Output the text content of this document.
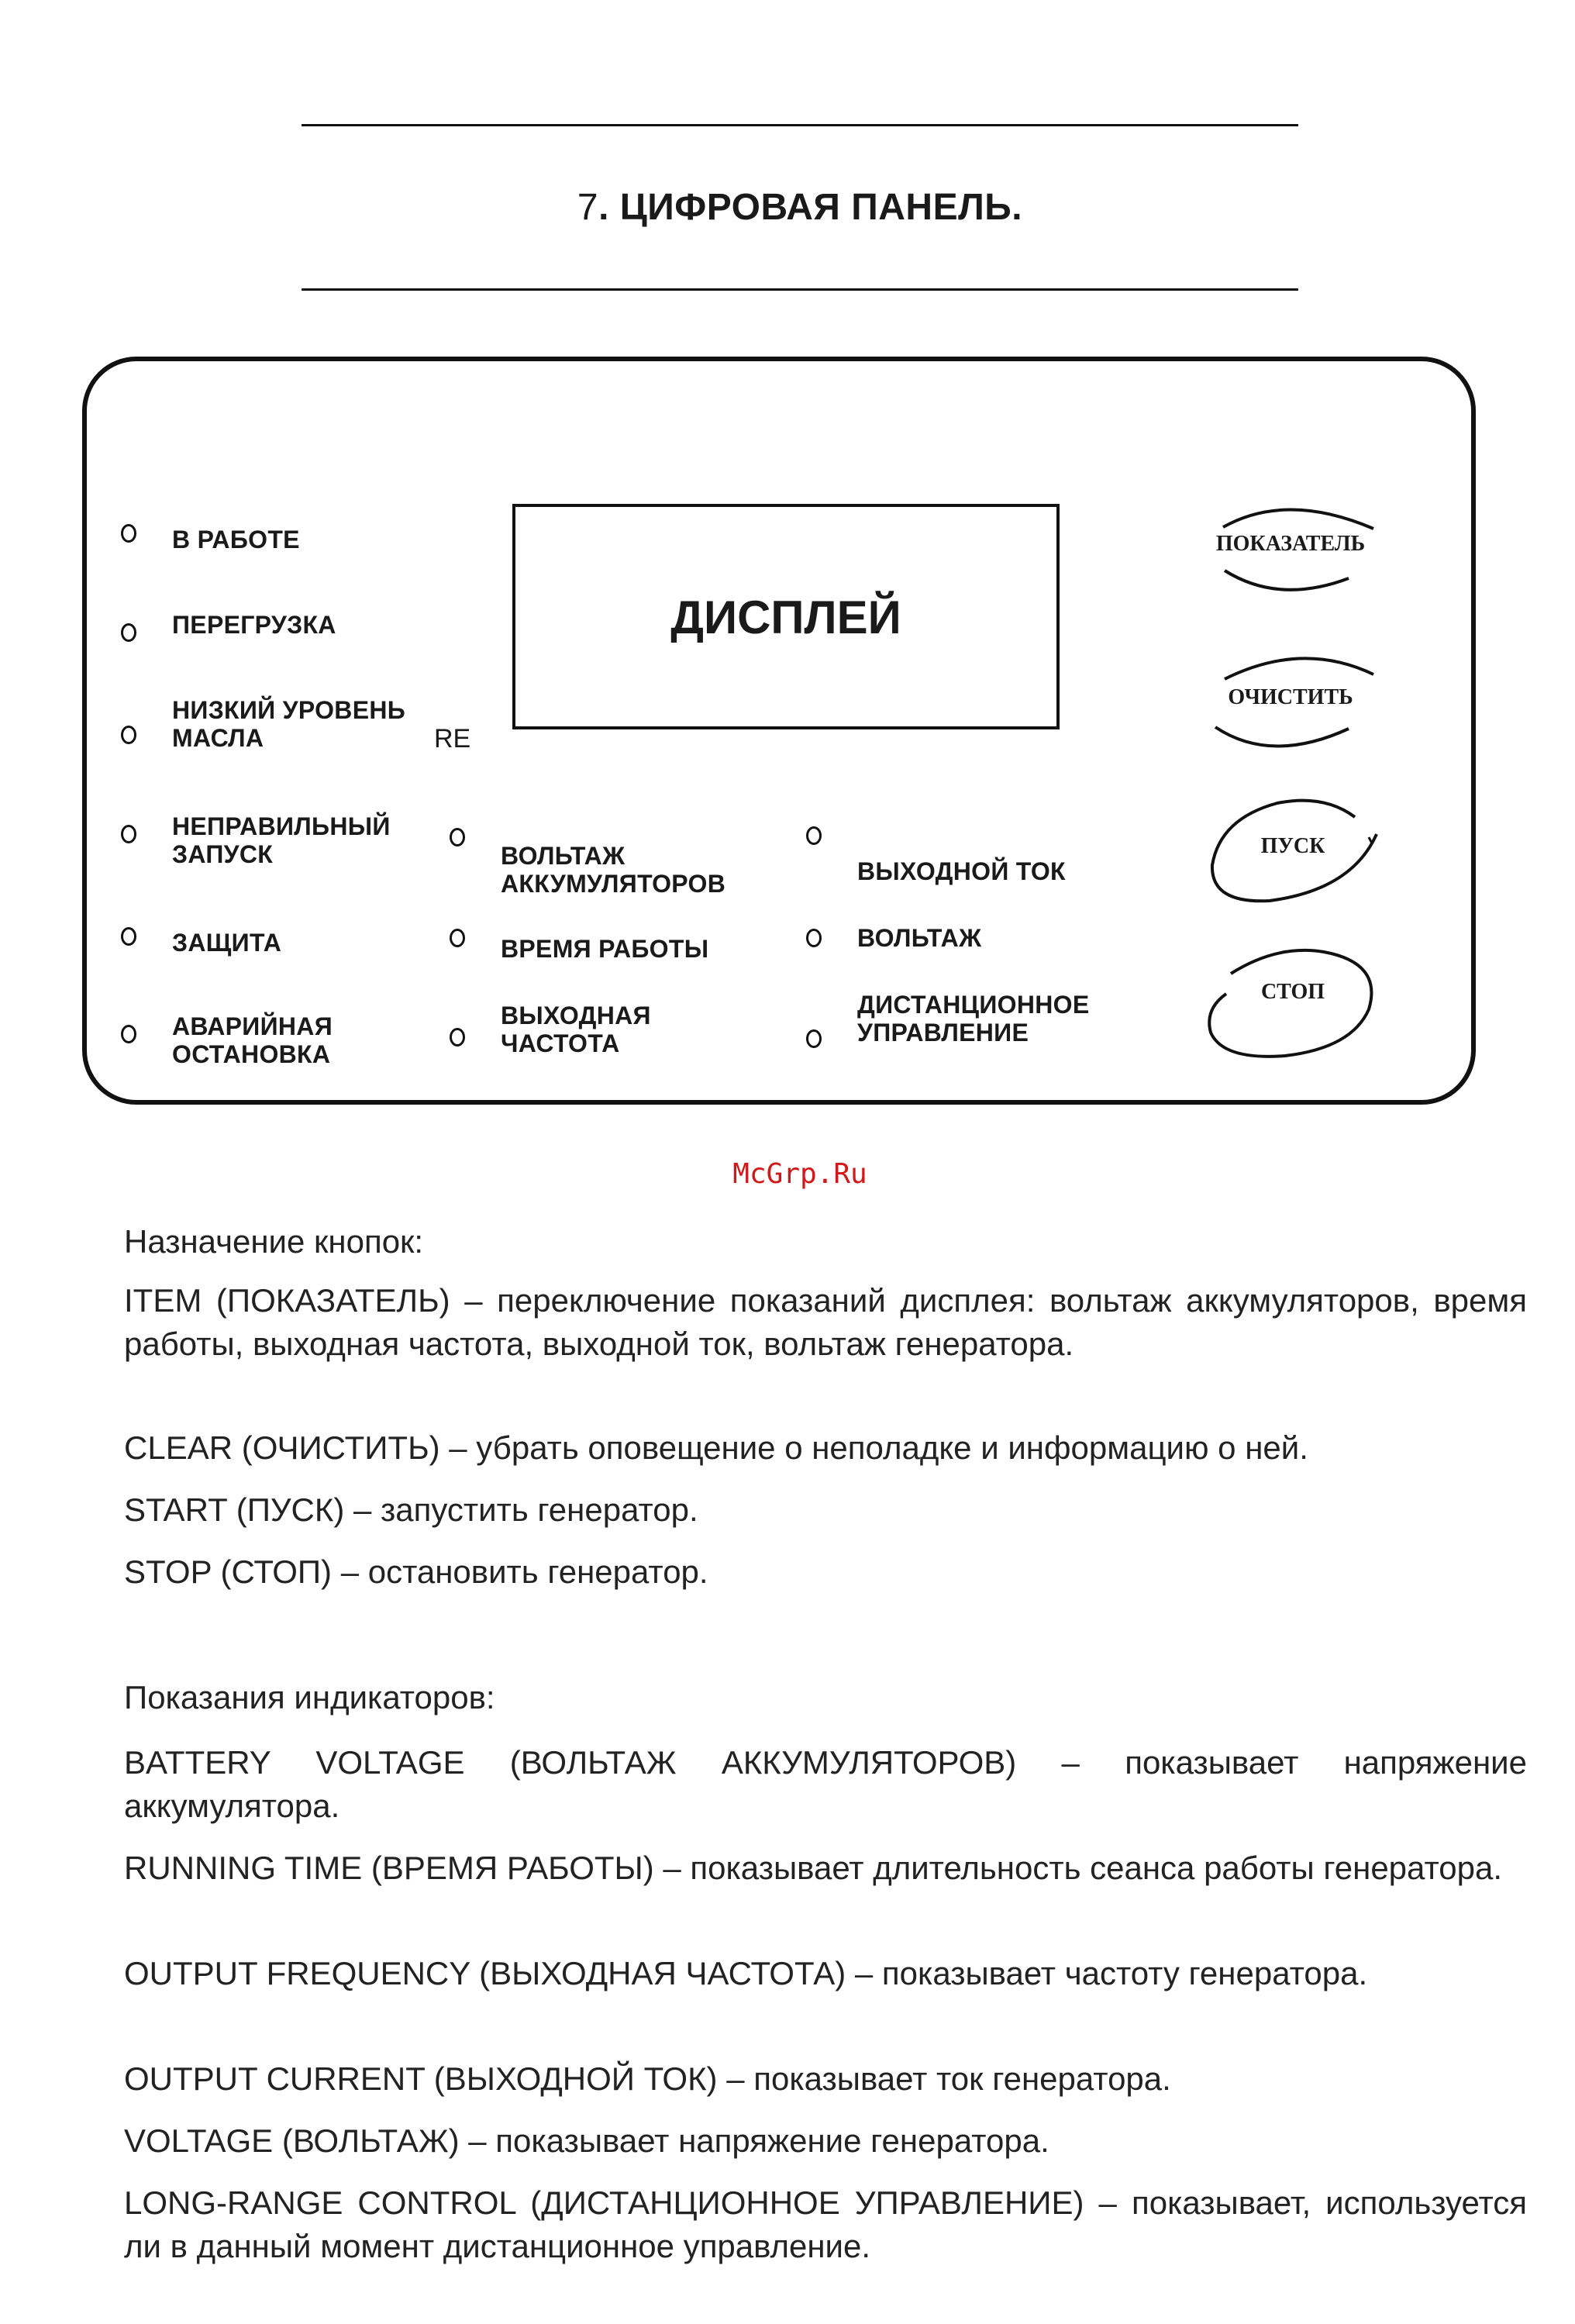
7. ЦИФРОВАЯ ПАНЕЛЬ.
В РАБОТЕ
ПЕРЕГРУЗКА
НИЗКИЙ УРОВЕНЬ
МАСЛА
НЕПРАВИЛЬНЫЙ
ЗАПУСК
ЗАЩИТА
АВАРИЙНАЯ
ОСТАНОВКА
ДИСПЛЕЙ
RE
ВОЛЬТАЖ
АККУМУЛЯТОРОВ
ВРЕМЯ РАБОТЫ
ВЫХОДНАЯ
ЧАСТОТА
ВЫХОДНОЙ ТОК
ВОЛЬТАЖ
ДИСТАНЦИОННОЕ
УПРАВЛЕНИЕ
ПОКАЗАТЕЛЬ
ОЧИСТИТЬ
ПУСК
СТОП
McGrp.Ru
Назначение кнопок:

ITEM (ПОКАЗАТЕЛЬ) – переключение показаний дисплея: вольтаж аккумуляторов, время работы, выходная частота, выходной ток, вольтаж генератора.

CLEAR (ОЧИСТИТЬ) – убрать оповещение о неполадке и информацию о ней.

START (ПУСК) – запустить генератор.

STOP (СТОП) – остановить генератор.

Показания индикаторов:

BATTERY VOLTAGE (ВОЛЬТАЖ АККУМУЛЯТОРОВ) – показывает напряжение аккумулятора.

RUNNING TIME (ВРЕМЯ РАБОТЫ) – показывает длительность сеанса работы генератора.

OUTPUT FREQUENCY (ВЫХОДНАЯ ЧАСТОТА) – показывает частоту генератора.

OUTPUT CURRENT (ВЫХОДНОЙ ТОК) – показывает ток генератора.

VOLTAGE (ВОЛЬТАЖ) – показывает напряжение генератора.

LONG-RANGE CONTROL (ДИСТАНЦИОННОЕ УПРАВЛЕНИЕ) – показывает, используется ли в данный момент дистанционное управление.
